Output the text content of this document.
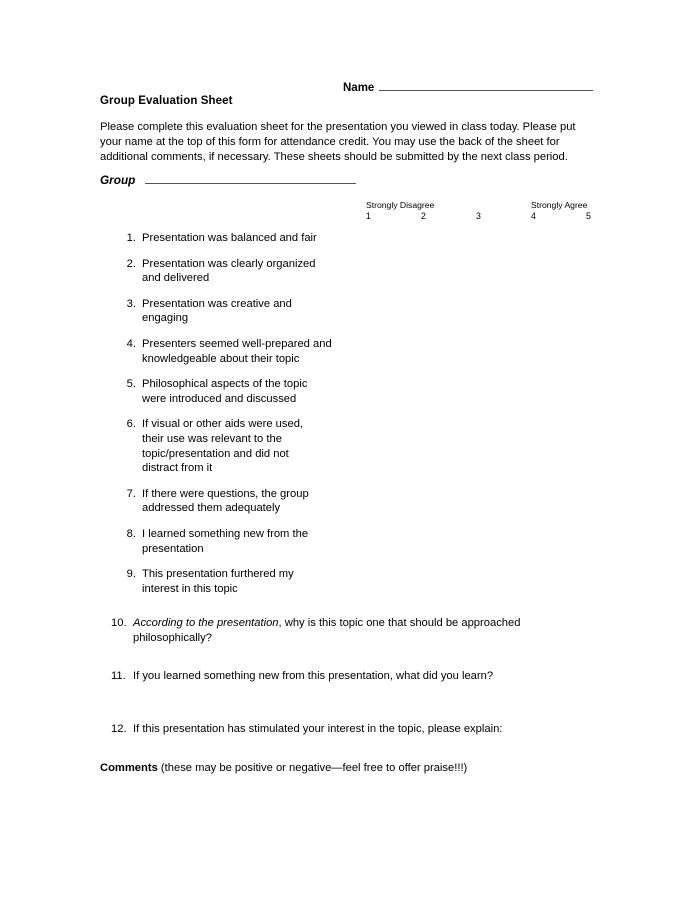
Name
Group Evaluation Sheet
Please complete this evaluation sheet for the presentation you viewed in class today. Please put your name at the top of this form for attendance credit. You may use the back of the sheet for additional comments, if necessary. These sheets should be submitted by the next class period.
Group
Strongly Disagree	Strongly Agree
1	2	3	4	5
1. Presentation was balanced and fair
2. Presentation was clearly organized and delivered
3. Presentation was creative and engaging
4. Presenters seemed well-prepared and knowledgeable about their topic
5. Philosophical aspects of the topic were introduced and discussed
6. If visual or other aids were used, their use was relevant to the topic/presentation and did not distract from it
7. If there were questions, the group addressed them adequately
8. I learned something new from the presentation
9. This presentation furthered my interest in this topic
10. According to the presentation, why is this topic one that should be approached philosophically?
11. If you learned something new from this presentation, what did you learn?
12. If this presentation has stimulated your interest in the topic, please explain:
Comments (these may be positive or negative—feel free to offer praise!!!)
